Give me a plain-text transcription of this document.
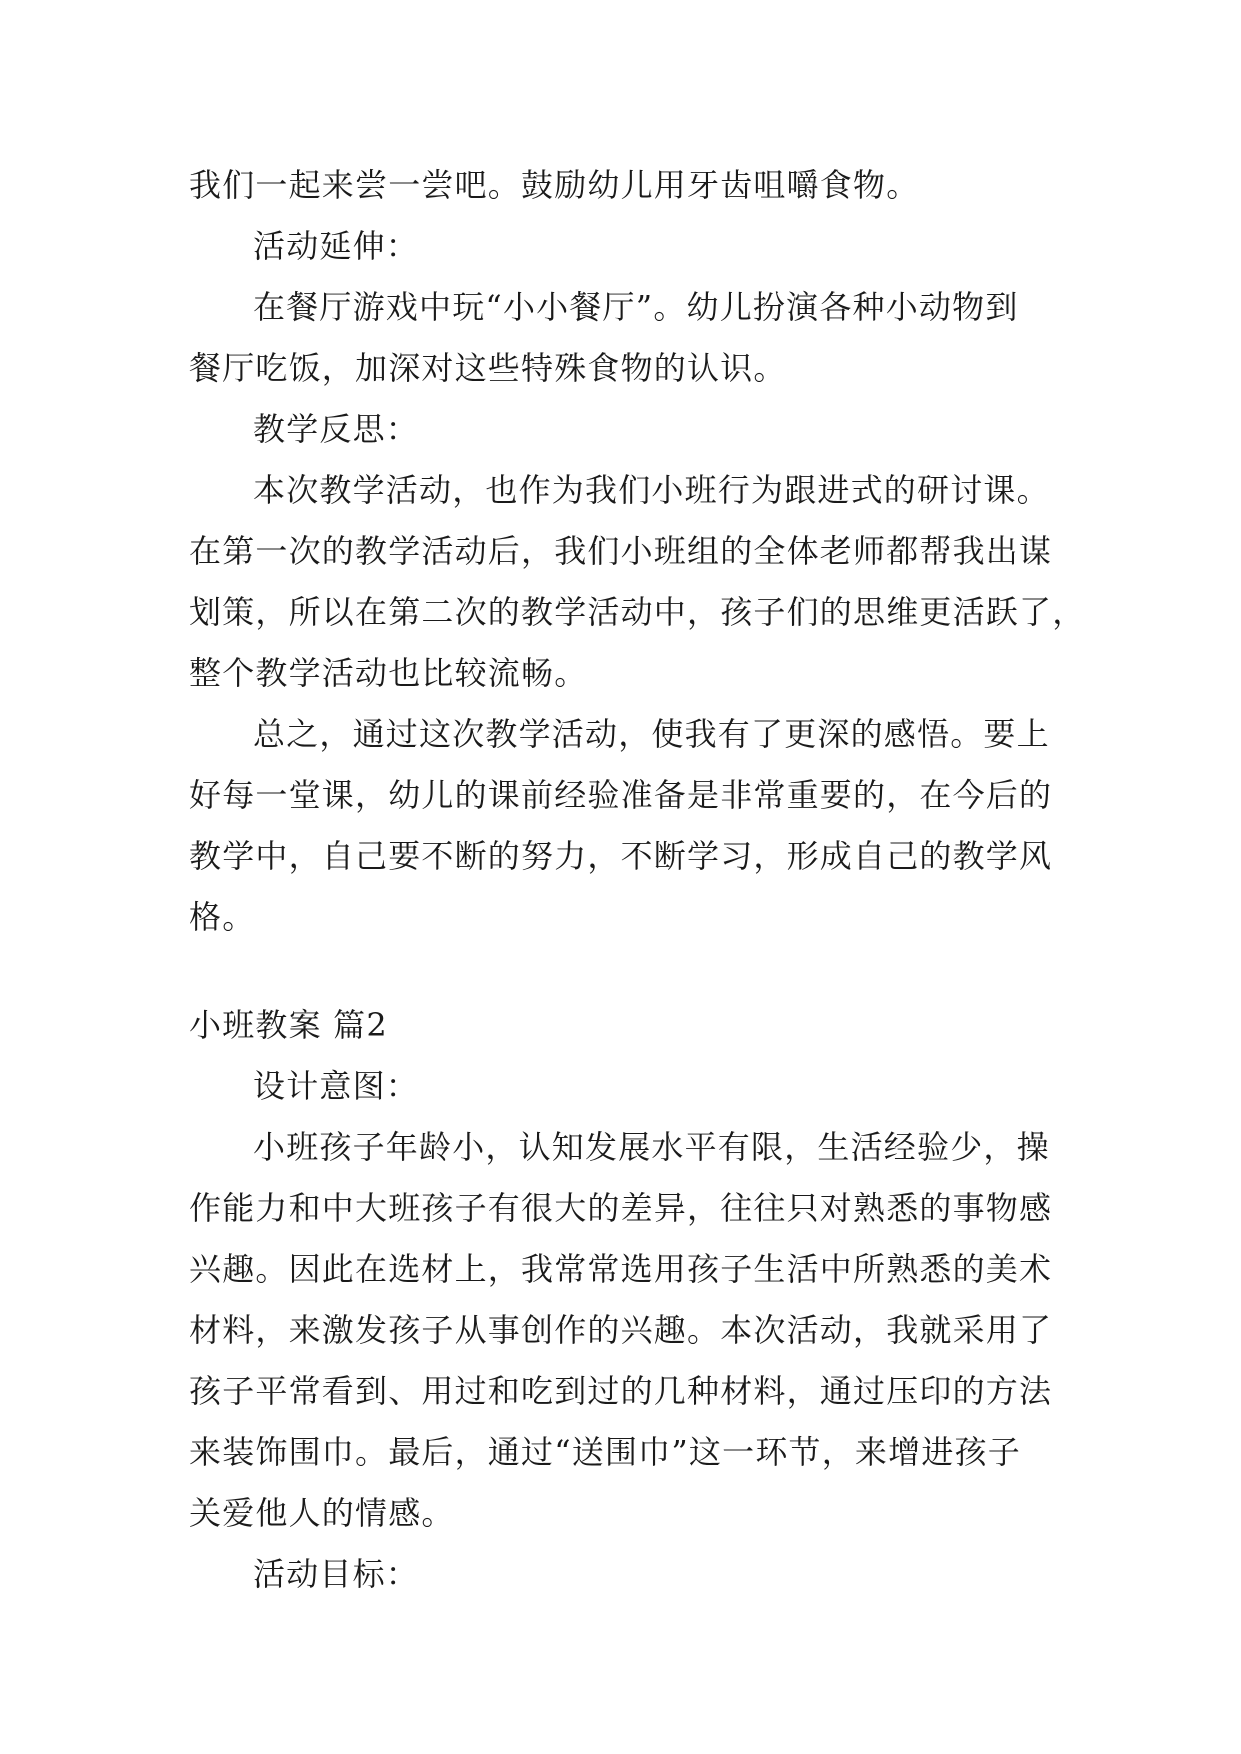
我们一起来尝一尝吧。鼓励幼儿用牙齿咀嚼食物。
活动延伸：
在餐厅游戏中玩“小小餐厅”。幼儿扮演各种小动物到
餐厅吃饭，加深对这些特殊食物的认识。
教学反思：
本次教学活动，也作为我们小班行为跟进式的研讨课。
在第一次的教学活动后，我们小班组的全体老师都帮我出谋
划策，所以在第二次的教学活动中，孩子们的思维更活跃了，
整个教学活动也比较流畅。
总之，通过这次教学活动，使我有了更深的感悟。要上
好每一堂课，幼儿的课前经验准备是非常重要的，在今后的
教学中，自己要不断的努力，不断学习，形成自己的教学风
格。
小班教案 篇2
设计意图：
小班孩子年龄小，认知发展水平有限，生活经验少，操
作能力和中大班孩子有很大的差异，往往只对熟悉的事物感
兴趣。因此在选材上，我常常选用孩子生活中所熟悉的美术
材料，来激发孩子从事创作的兴趣。本次活动，我就采用了
孩子平常看到、用过和吃到过的几种材料，通过压印的方法
来装饰围巾。最后，通过“送围巾”这一环节，来增进孩子
关爱他人的情感。
活动目标：
